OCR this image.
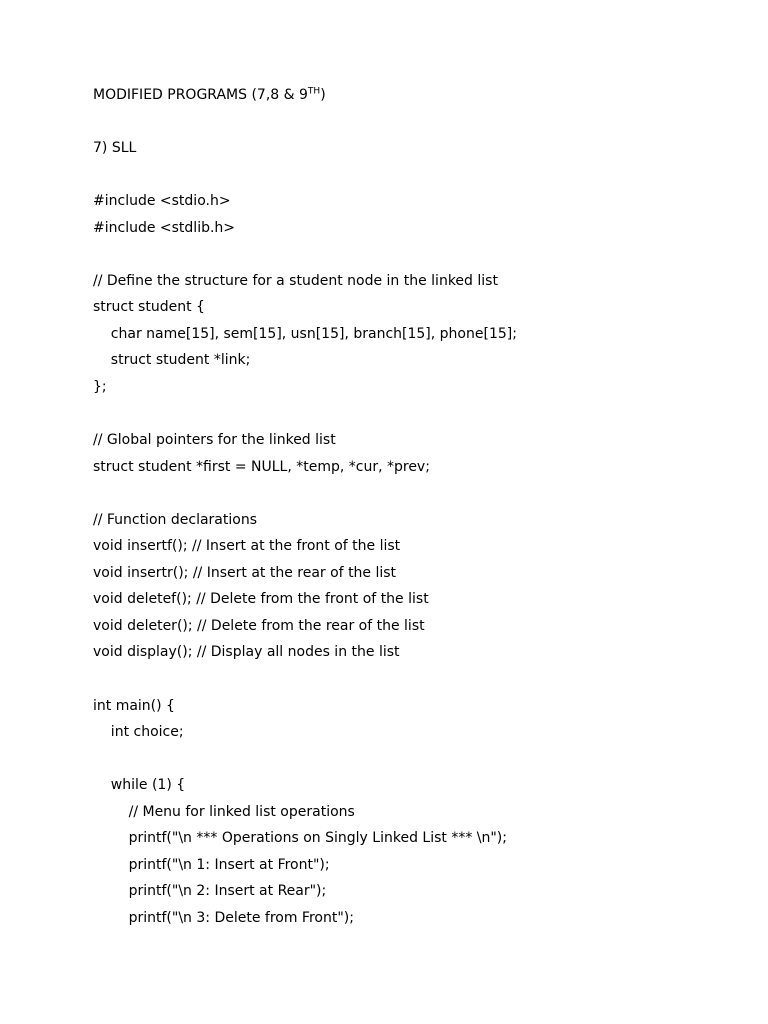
MODIFIED PROGRAMS (7,8 & 9TH)
7) SLL
#include <stdio.h>
#include <stdlib.h>
// Define the structure for a student node in the linked list
struct student {
char name[15], sem[15], usn[15], branch[15], phone[15];
struct student *link;
};
// Global pointers for the linked list
struct student *first = NULL, *temp, *cur, *prev;
// Function declarations
void insertf(); // Insert at the front of the list
void insertr(); // Insert at the rear of the list
void deletef(); // Delete from the front of the list
void deleter(); // Delete from the rear of the list
void display(); // Display all nodes in the list
int main() {
int choice;
while (1) {
// Menu for linked list operations
printf("\n *** Operations on Singly Linked List *** \n");
printf("\n 1: Insert at Front");
printf("\n 2: Insert at Rear");
printf("\n 3: Delete from Front");
